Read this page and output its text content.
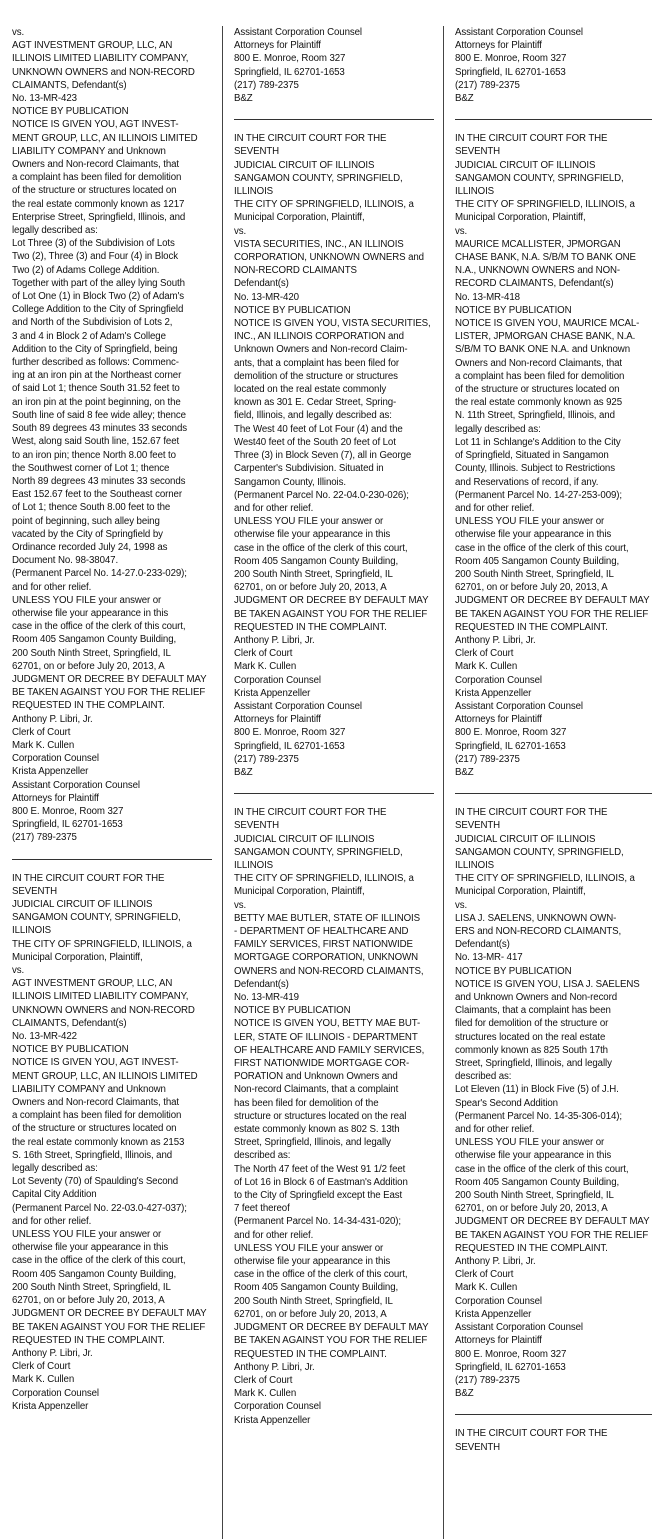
vs.
AGT INVESTMENT GROUP, LLC, AN
ILLINOIS LIMITED LIABILITY COMPANY,
UNKNOWN OWNERS and NON-RECORD
CLAIMANTS, Defendant(s)
No. 13-MR-423
NOTICE BY PUBLICATION
NOTICE IS GIVEN YOU, AGT INVEST-
MENT GROUP, LLC, AN ILLINOIS LIMITED
LIABILITY COMPANY and Unknown
Owners and Non-record Claimants, that
a complaint has been filed for demolition
of the structure or structures located on
the real estate commonly known as 1217
Enterprise Street, Springfield, Illinois, and
legally described as:
Lot Three (3) of the Subdivision of Lots
Two (2), Three (3) and Four (4) in Block
Two (2) of Adams College Addition.
Together with part of the alley lying South
of Lot One (1) in Block Two (2) of Adam's
College Addition to the City of Springfield
and North of the Subdivision of Lots 2,
3 and 4 in Block 2 of Adam's College
Addition to the City of Springfield, being
further described as follows: Commenc-
ing at an iron pin at the Northeast corner
of said Lot 1; thence South 31.52 feet to
an iron pin at the point beginning, on the
South line of said 8 fee wide alley; thence
South 89 degrees 43 minutes 33 seconds
West, along said South line, 152.67 feet
to an iron pin; thence North 8.00 feet to
the Southwest corner of Lot 1; thence
North 89 degrees 43 minutes 33 seconds
East 152.67 feet to the Southeast corner
of Lot 1; thence South 8.00 feet to the
point of beginning, such alley being
vacated by the City of Springfield by
Ordinance recorded July 24, 1998 as
Document No. 98-38047.
(Permanent Parcel No. 14-27.0-233-029);
and for other relief.
UNLESS YOU FILE your answer or
otherwise file your appearance in this
case in the office of the clerk of this court,
Room 405 Sangamon County Building,
200 South Ninth Street, Springfield, IL
62701, on or before July 20, 2013, A
JUDGMENT OR DECREE BY DEFAULT MAY
BE TAKEN AGAINST YOU FOR THE RELIEF
REQUESTED IN THE COMPLAINT.
Anthony P. Libri, Jr.
Clerk of Court
Mark K. Cullen
Corporation Counsel
Krista Appenzeller
Assistant Corporation Counsel
Attorneys for Plaintiff
800 E. Monroe, Room 327
Springfield, IL 62701-1653
(217) 789-2375
IN THE CIRCUIT COURT FOR THE SEVENTH
JUDICIAL CIRCUIT OF ILLINOIS
SANGAMON COUNTY, SPRINGFIELD,
ILLINOIS
THE CITY OF SPRINGFIELD, ILLINOIS, a
Municipal Corporation, Plaintiff,
vs.
AGT INVESTMENT GROUP, LLC, AN
ILLINOIS LIMITED LIABILITY COMPANY,
UNKNOWN OWNERS and NON-RECORD
CLAIMANTS, Defendant(s)
No. 13-MR-422
NOTICE BY PUBLICATION
NOTICE IS GIVEN YOU, AGT INVEST-
MENT GROUP, LLC, AN ILLINOIS LIMITED
LIABILITY COMPANY and Unknown
Owners and Non-record Claimants, that
a complaint has been filed for demolition
of the structure or structures located on
the real estate commonly known as 2153
S. 16th Street, Springfield, Illinois, and
legally described as:
Lot Seventy (70) of Spaulding's Second
Capital City Addition
(Permanent Parcel No. 22-03.0-427-037);
and for other relief.
UNLESS YOU FILE your answer or
otherwise file your appearance in this
case in the office of the clerk of this court,
Room 405 Sangamon County Building,
200 South Ninth Street, Springfield, IL
62701, on or before July 20, 2013, A
JUDGMENT OR DECREE BY DEFAULT MAY
BE TAKEN AGAINST YOU FOR THE RELIEF
REQUESTED IN THE COMPLAINT.
Anthony P. Libri, Jr.
Clerk of Court
Mark K. Cullen
Corporation Counsel
Krista Appenzeller
Assistant Corporation Counsel
Attorneys for Plaintiff
800 E. Monroe, Room 327
Springfield, IL 62701-1653
(217) 789-2375
B&Z
IN THE CIRCUIT COURT FOR THE SEVENTH
JUDICIAL CIRCUIT OF ILLINOIS
SANGAMON COUNTY, SPRINGFIELD,
ILLINOIS
THE CITY OF SPRINGFIELD, ILLINOIS, a
Municipal Corporation, Plaintiff,
vs.
VISTA SECURITIES, INC., AN ILLINOIS
CORPORATION, UNKNOWN OWNERS and
NON-RECORD CLAIMANTS
Defendant(s)
No. 13-MR-420
NOTICE BY PUBLICATION
NOTICE IS GIVEN YOU, VISTA SECURITIES,
INC., AN ILLINOIS CORPORATION and
Unknown Owners and Non-record Claim-
ants, that a complaint has been filed for
demolition of the structure or structures
located on the real estate commonly
known as 301 E. Cedar Street, Spring-
field, Illinois, and legally described as:
The West 40 feet of Lot Four (4) and the
West40 feet of the South 20 feet of Lot
Three (3) in Block Seven (7), all in George
Carpenter's Subdivision. Situated in
Sangamon County, Illinois.
(Permanent Parcel No. 22-04.0-230-026);
and for other relief.
UNLESS YOU FILE your answer or
otherwise file your appearance in this
case in the office of the clerk of this court,
Room 405 Sangamon County Building,
200 South Ninth Street, Springfield, IL
62701, on or before July 20, 2013, A
JUDGMENT OR DECREE BY DEFAULT MAY
BE TAKEN AGAINST YOU FOR THE RELIEF
REQUESTED IN THE COMPLAINT.
Anthony P. Libri, Jr.
Clerk of Court
Mark K. Cullen
Corporation Counsel
Krista Appenzeller
Assistant Corporation Counsel
Attorneys for Plaintiff
800 E. Monroe, Room 327
Springfield, IL 62701-1653
(217) 789-2375
B&Z
IN THE CIRCUIT COURT FOR THE SEVENTH
JUDICIAL CIRCUIT OF ILLINOIS
SANGAMON COUNTY, SPRINGFIELD,
ILLINOIS
THE CITY OF SPRINGFIELD, ILLINOIS, a
Municipal Corporation, Plaintiff,
vs.
BETTY MAE BUTLER, STATE OF ILLINOIS
- DEPARTMENT OF HEALTHCARE AND
FAMILY SERVICES, FIRST NATIONWIDE
MORTGAGE CORPORATION, UNKNOWN
OWNERS and NON-RECORD CLAIMANTS,
Defendant(s)
No. 13-MR-419
NOTICE BY PUBLICATION
NOTICE IS GIVEN YOU, BETTY MAE BUT-
LER, STATE OF ILLINOIS - DEPARTMENT
OF HEALTHCARE AND FAMILY SERVICES,
FIRST NATIONWIDE MORTGAGE COR-
PORATION and Unknown Owners and
Non-record Claimants, that a complaint
has been filed for demolition of the
structure or structures located on the real
estate commonly known as 802 S. 13th
Street, Springfield, Illinois, and legally
described as:
The North 47 feet of the West 91 1/2 feet
of Lot 16 in Block 6 of Eastman's Addition
to the City of Springfield except the East
7 feet thereof
(Permanent Parcel No. 14-34-431-020);
and for other relief.
UNLESS YOU FILE your answer or
otherwise file your appearance in this
case in the office of the clerk of this court,
Room 405 Sangamon County Building,
200 South Ninth Street, Springfield, IL
62701, on or before July 20, 2013, A
JUDGMENT OR DECREE BY DEFAULT MAY
BE TAKEN AGAINST YOU FOR THE RELIEF
REQUESTED IN THE COMPLAINT.
Anthony P. Libri, Jr.
Clerk of Court
Mark K. Cullen
Corporation Counsel
Krista Appenzeller
Assistant Corporation Counsel
Attorneys for Plaintiff
800 E. Monroe, Room 327
Springfield, IL 62701-1653
(217) 789-2375
B&Z
IN THE CIRCUIT COURT FOR THE SEVENTH
JUDICIAL CIRCUIT OF ILLINOIS
SANGAMON COUNTY, SPRINGFIELD,
ILLINOIS
THE CITY OF SPRINGFIELD, ILLINOIS, a
Municipal Corporation, Plaintiff,
vs.
MAURICE MCALLISTER, JPMORGAN
CHASE BANK, N.A. S/B/M TO BANK ONE
N.A., UNKNOWN OWNERS and NON-
RECORD CLAIMANTS, Defendant(s)
No. 13-MR-418
NOTICE BY PUBLICATION
NOTICE IS GIVEN YOU, MAURICE MCAL-
LISTER, JPMORGAN CHASE BANK, N.A.
S/B/M TO BANK ONE N.A. and Unknown
Owners and Non-record Claimants, that
a complaint has been filed for demolition
of the structure or structures located on
the real estate commonly known as 925
N. 11th Street, Springfield, Illinois, and
legally described as:
Lot 11 in Schlange's Addition to the City
of Springfield, Situated in Sangamon
County, Illinois. Subject to Restrictions
and Reservations of record, if any.
(Permanent Parcel No. 14-27-253-009);
and for other relief.
UNLESS YOU FILE your answer or
otherwise file your appearance in this
case in the office of the clerk of this court,
Room 405 Sangamon County Building,
200 South Ninth Street, Springfield, IL
62701, on or before July 20, 2013, A
JUDGMENT OR DECREE BY DEFAULT MAY
BE TAKEN AGAINST YOU FOR THE RELIEF
REQUESTED IN THE COMPLAINT.
Anthony P. Libri, Jr.
Clerk of Court
Mark K. Cullen
Corporation Counsel
Krista Appenzeller
Assistant Corporation Counsel
Attorneys for Plaintiff
800 E. Monroe, Room 327
Springfield, IL 62701-1653
(217) 789-2375
B&Z
IN THE CIRCUIT COURT FOR THE SEVENTH
JUDICIAL CIRCUIT OF ILLINOIS
SANGAMON COUNTY, SPRINGFIELD,
ILLINOIS
THE CITY OF SPRINGFIELD, ILLINOIS, a
Municipal Corporation, Plaintiff,
vs.
LISA J. SAELENS, UNKNOWN OWN-
ERS and NON-RECORD CLAIMANTS,
Defendant(s)
No. 13-MR- 417
NOTICE BY PUBLICATION
NOTICE IS GIVEN YOU, LISA J. SAELENS
and Unknown Owners and Non-record
Claimants, that a complaint has been
filed for demolition of the structure or
structures located on the real estate
commonly known as 825 South 17th
Street, Springfield, Illinois, and legally
described as:
Lot Eleven (11) in Block Five (5) of J.H.
Spear's Second Addition
(Permanent Parcel No. 14-35-306-014);
and for other relief.
UNLESS YOU FILE your answer or
otherwise file your appearance in this
case in the office of the clerk of this court,
Room 405 Sangamon County Building,
200 South Ninth Street, Springfield, IL
62701, on or before July 20, 2013, A
JUDGMENT OR DECREE BY DEFAULT MAY
BE TAKEN AGAINST YOU FOR THE RELIEF
REQUESTED IN THE COMPLAINT.
Anthony P. Libri, Jr.
Clerk of Court
Mark K. Cullen
Corporation Counsel
Krista Appenzeller
Assistant Corporation Counsel
Attorneys for Plaintiff
800 E. Monroe, Room 327
Springfield, IL 62701-1653
(217) 789-2375
B&Z
IN THE CIRCUIT COURT FOR THE SEVENTH
